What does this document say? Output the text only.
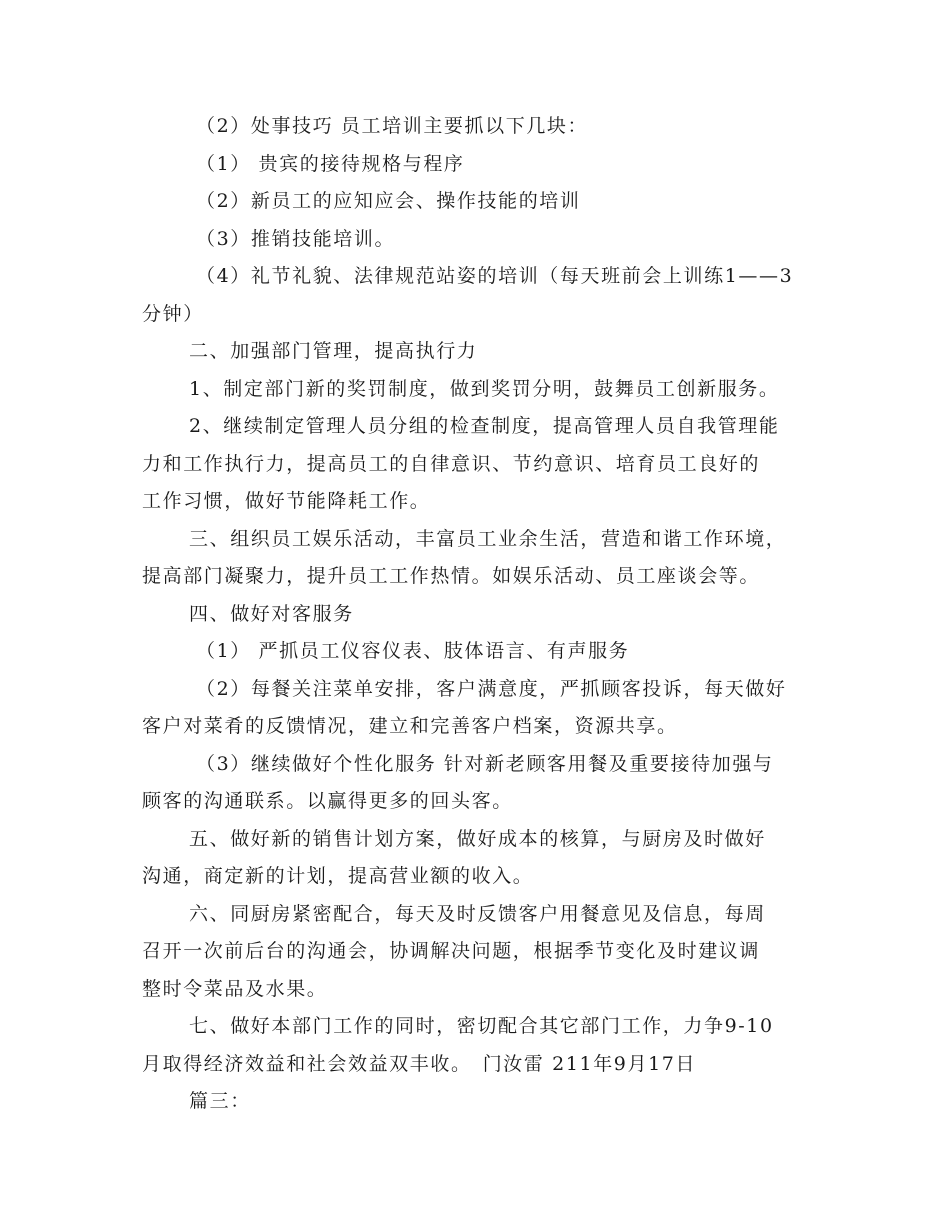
（2）处事技巧 员工培训主要抓以下几块：

（1） 贵宾的接待规格与程序

（2）新员工的应知应会、操作技能的培训

（3）推销技能培训。

（4）礼节礼貌、法律规范站姿的培训（每天班前会上训练1——3

分钟）

二、加强部门管理，提高执行力

1、制定部门新的奖罚制度，做到奖罚分明，鼓舞员工创新服务。

2、继续制定管理人员分组的检查制度，提高管理人员自我管理能

力和工作执行力，提高员工的自律意识、节约意识、培育员工良好的

工作习惯，做好节能降耗工作。

三、组织员工娱乐活动，丰富员工业余生活，营造和谐工作环境，

提高部门凝聚力，提升员工工作热情。如娱乐活动、员工座谈会等。

四、做好对客服务

（1） 严抓员工仪容仪表、肢体语言、有声服务

（2）每餐关注菜单安排，客户满意度，严抓顾客投诉，每天做好

客户对菜肴的反馈情况，建立和完善客户档案，资源共享。

（3）继续做好个性化服务 针对新老顾客用餐及重要接待加强与

顾客的沟通联系。以赢得更多的回头客。

五、做好新的销售计划方案，做好成本的核算，与厨房及时做好

沟通，商定新的计划，提高营业额的收入。

六、同厨房紧密配合，每天及时反馈客户用餐意见及信息，每周

召开一次前后台的沟通会，协调解决问题，根据季节变化及时建议调

整时令菜品及水果。

七、做好本部门工作的同时，密切配合其它部门工作，力争9-10

月取得经济效益和社会效益双丰收。　门汝雷 211年9月17日

篇三：
